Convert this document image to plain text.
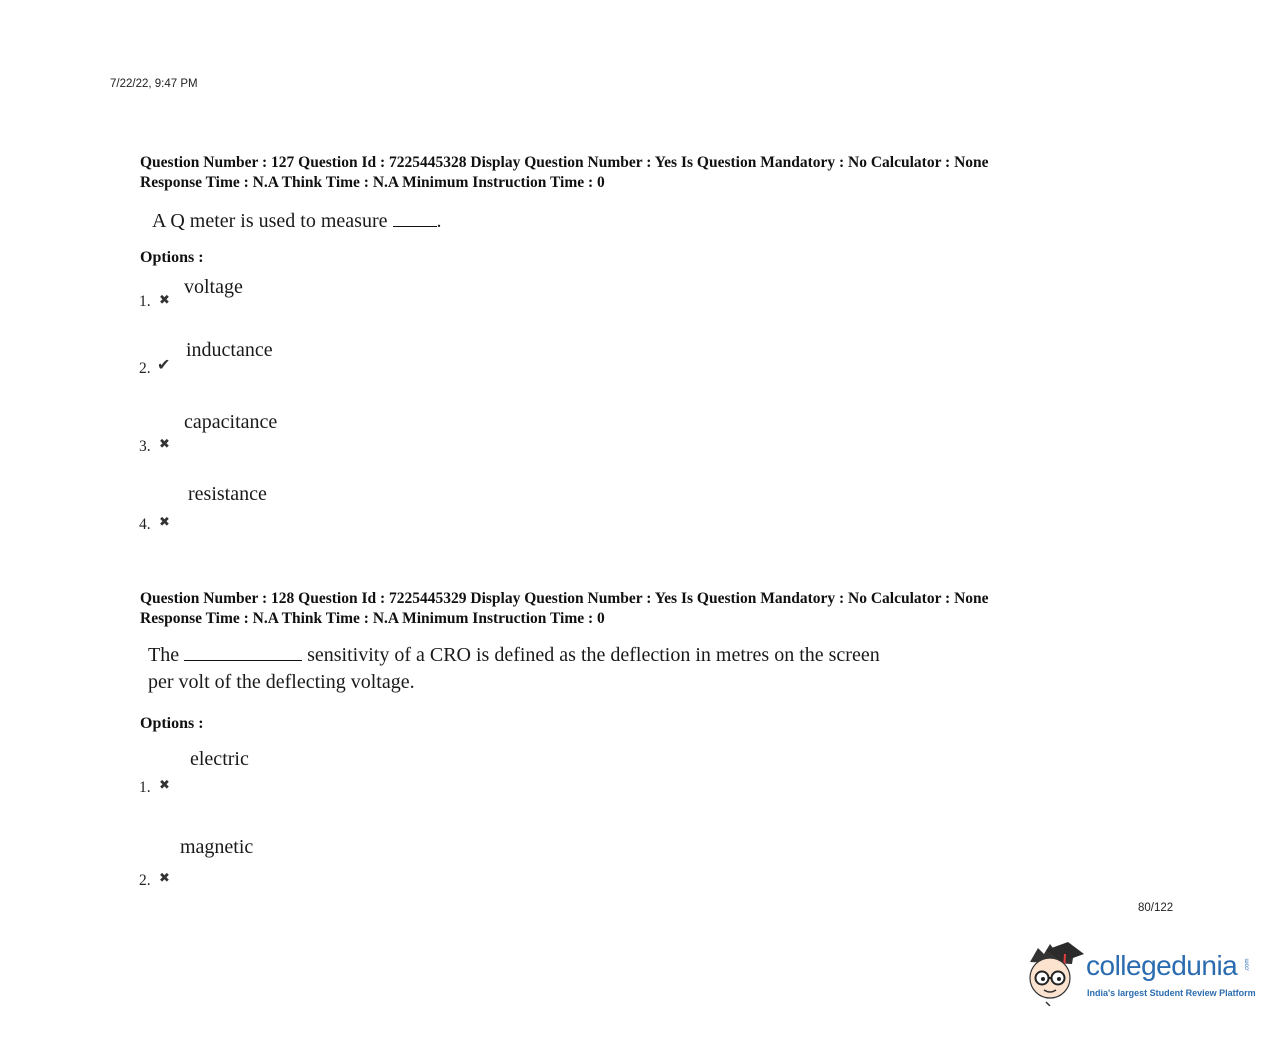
7/22/22, 9:47 PM
Question Number : 127 Question Id : 7225445328 Display Question Number : Yes Is Question Mandatory : No Calculator : None
Response Time : N.A Think Time : N.A Minimum Instruction Time : 0
A Q meter is used to measure .
Options :
voltage
1. ✖
inductance
2. ✔
capacitance
3. ✖
resistance
4. ✖
Question Number : 128 Question Id : 7225445329 Display Question Number : Yes Is Question Mandatory : No Calculator : None
Response Time : N.A Think Time : N.A Minimum Instruction Time : 0
The	sensitivity of a CRO is defined as the deflection in metres on the screen
per volt of the deflecting voltage.
Options :
electric
1. ✖
magnetic
2. ✖
80/122
collegedunia .com
India's largest Student Review Platform
